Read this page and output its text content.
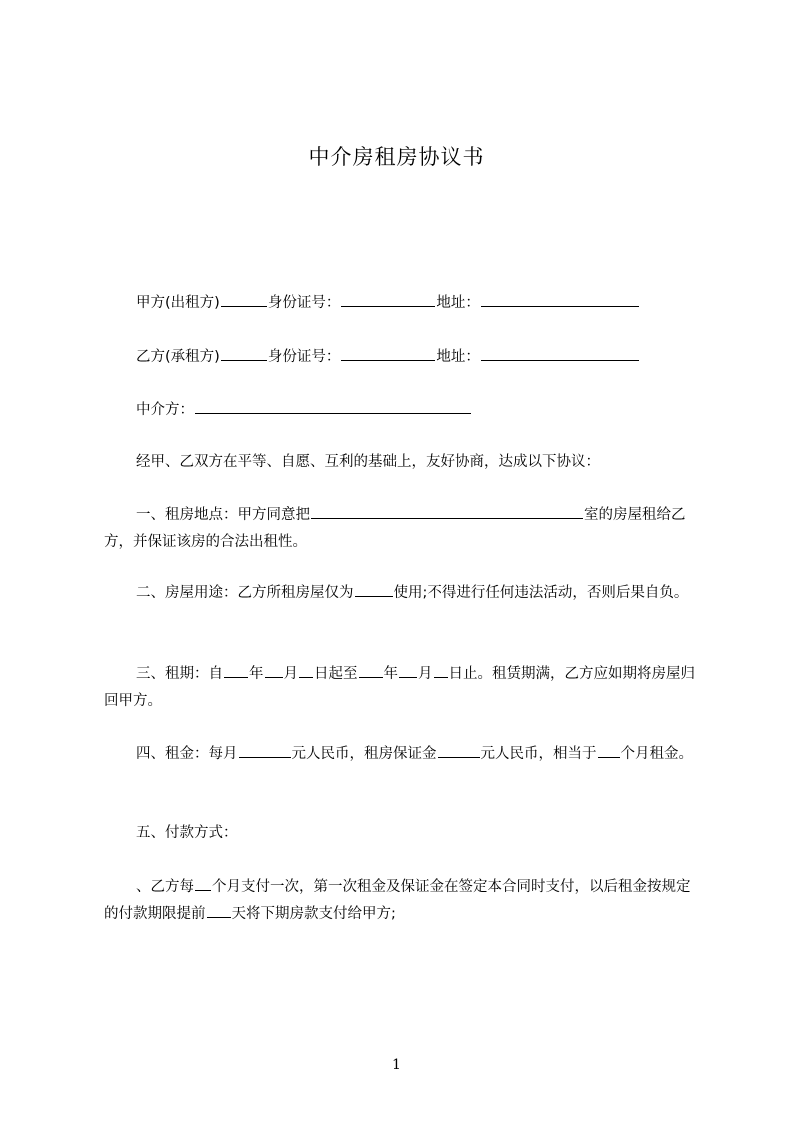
中介房租房协议书
甲方(出租方)	身份证号：	地址：
乙方(承租方)	身份证号：	地址：
中介方：
经甲、乙双方在平等、自愿、互利的基础上，友好协商，达成以下协议：
一、租房地点：甲方同意把	室的房屋租给乙方，并保证该房的合法出租性。
二、房屋用途：乙方所租房屋仅为	使用;不得进行任何违法活动，否则后果自负。
三、租期：自 年 月 日起至 年 月 日止。租赁期满，乙方应如期将房屋归回甲方。
四、租金：每月	元人民币，租房保证金	元人民币，相当于 个月租金。
五、付款方式：
、乙方每 个月支付一次，第一次租金及保证金在签定本合同时支付，以后租金按规定的付款期限提前 天将下期房款支付给甲方;
1
